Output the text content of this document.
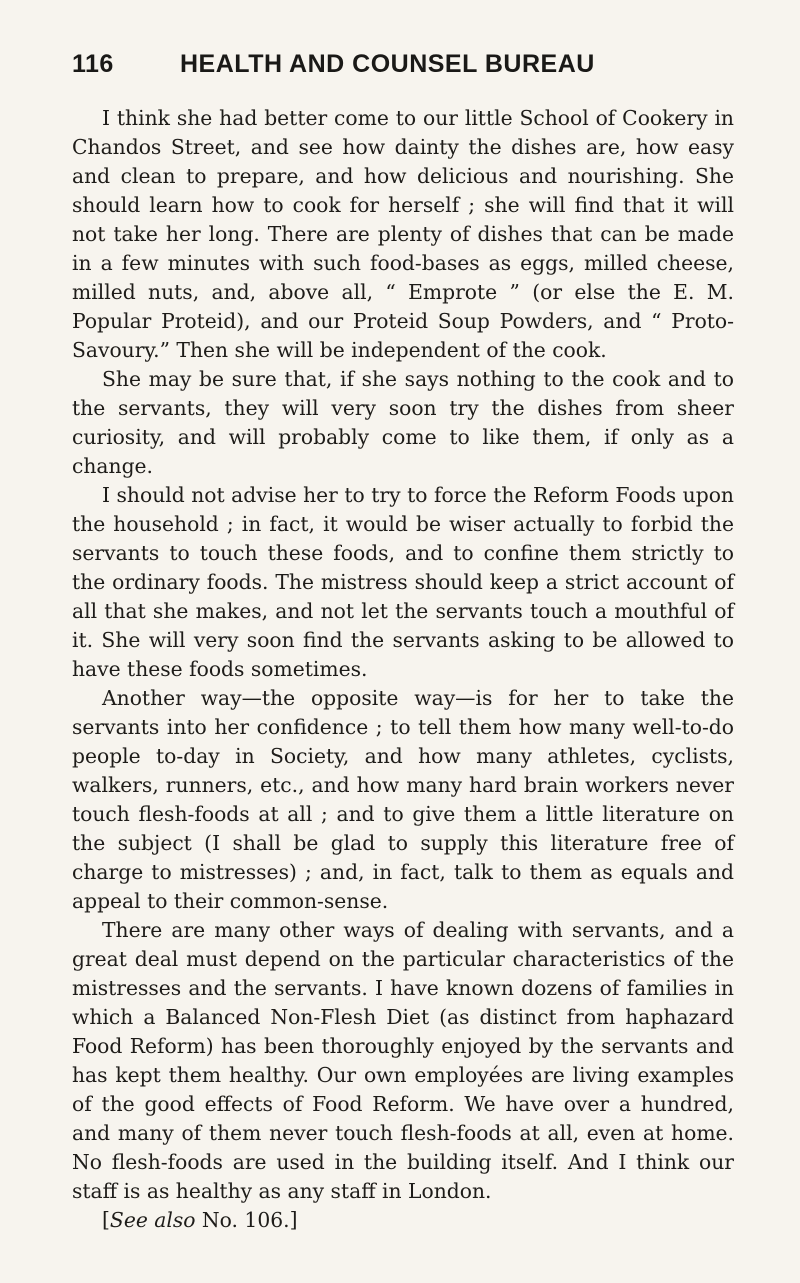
116	HEALTH AND COUNSEL BUREAU

I think she had better come to our little School of Cookery in Chandos Street, and see how dainty the dishes are, how easy and clean to prepare, and how delicious and nourishing. She should learn how to cook for herself ; she will find that it will not take her long. There are plenty of dishes that can be made in a few minutes with such food-bases as eggs, milled cheese, milled nuts, and, above all, “ Emprote ” (or else the E. M. Popular Proteid), and our Proteid Soup Powders, and “ Proto-Savoury.” Then she will be independent of the cook.

She may be sure that, if she says nothing to the cook and to the servants, they will very soon try the dishes from sheer curiosity, and will probably come to like them, if only as a change.

I should not advise her to try to force the Reform Foods upon the household ; in fact, it would be wiser actually to forbid the servants to touch these foods, and to confine them strictly to the ordinary foods. The mistress should keep a strict account of all that she makes, and not let the servants touch a mouthful of it. She will very soon find the servants asking to be allowed to have these foods sometimes.

Another way—the opposite way—is for her to take the servants into her confidence ; to tell them how many well-to-do people to-day in Society, and how many athletes, cyclists, walkers, runners, etc., and how many hard brain workers never touch flesh-foods at all ; and to give them a little literature on the subject (I shall be glad to supply this literature free of charge to mistresses) ; and, in fact, talk to them as equals and appeal to their common-sense.

There are many other ways of dealing with servants, and a great deal must depend on the particular characteristics of the mistresses and the servants. I have known dozens of families in which a Balanced Non-Flesh Diet (as distinct from haphazard Food Reform) has been thoroughly enjoyed by the servants and has kept them healthy. Our own employées are living examples of the good effects of Food Reform. We have over a hundred, and many of them never touch flesh-foods at all, even at home. No flesh-foods are used in the building itself. And I think our staff is as healthy as any staff in London.

[See also No. 106.]
